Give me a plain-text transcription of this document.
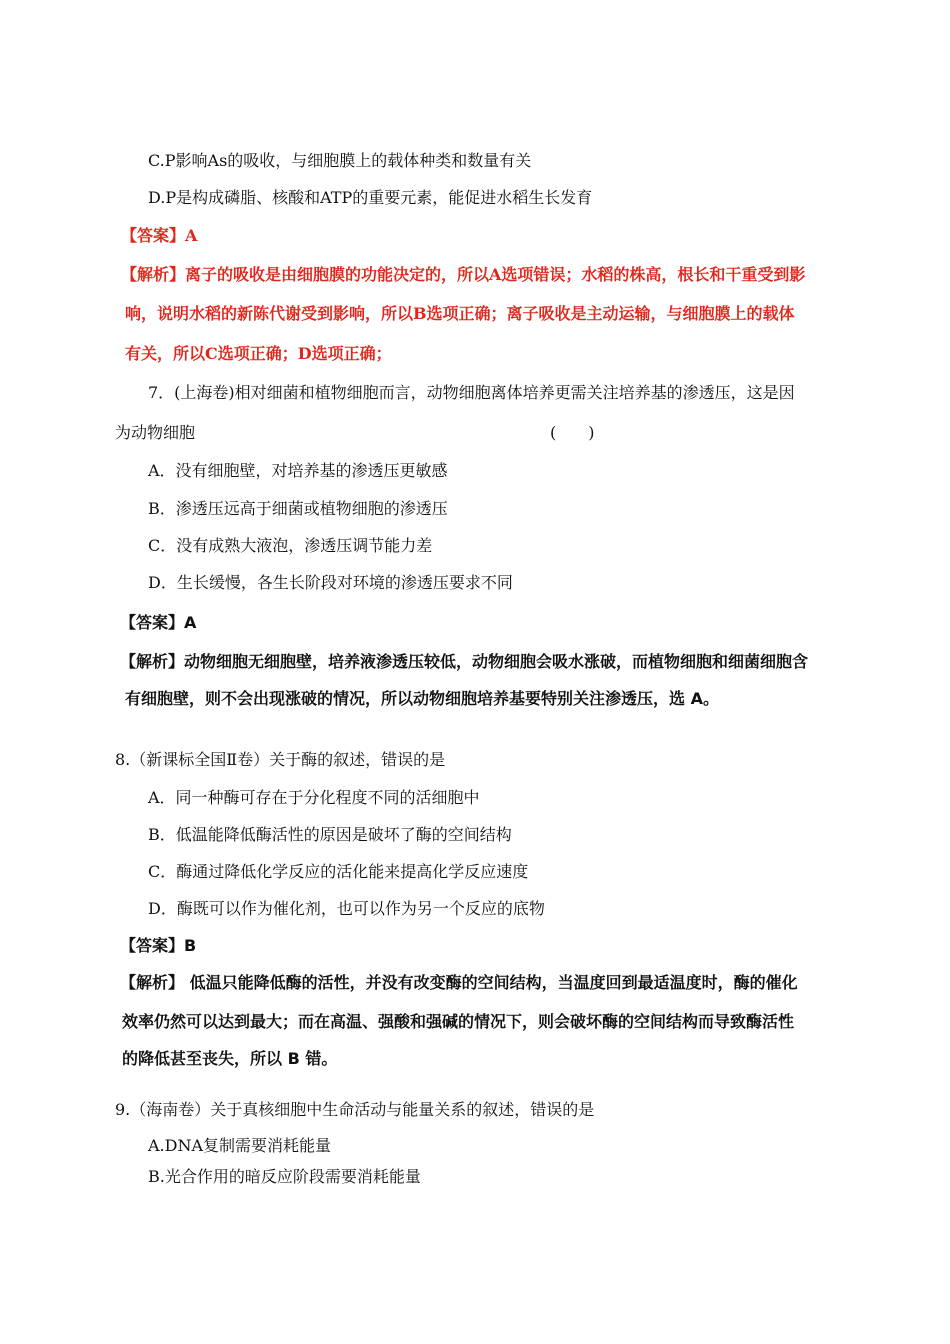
C.P影响As的吸收，与细胞膜上的载体种类和数量有关
D.P是构成磷脂、核酸和ATP的重要元素，能促进水稻生长发育
【答案】A
【解析】离子的吸收是由细胞膜的功能决定的，所以A选项错误；水稻的株高，根长和干重受到影
响，说明水稻的新陈代谢受到影响，所以B选项正确；离子吸收是主动运输，与细胞膜上的载体
有关，所以C选项正确；D选项正确；
7．(上海卷)相对细菌和植物细胞而言，动物细胞离体培养更需关注培养基的渗透压，这是因
为动物细胞	(　　)
A．没有细胞壁，对培养基的渗透压更敏感
B．渗透压远高于细菌或植物细胞的渗透压
C．没有成熟大液泡，渗透压调节能力差
D．生长缓慢，各生长阶段对环境的渗透压要求不同
【答案】A
【解析】动物细胞无细胞壁，培养液渗透压较低，动物细胞会吸水涨破，而植物细胞和细菌细胞含
有细胞壁，则不会出现涨破的情况，所以动物细胞培养基要特别关注渗透压，选 A。
8.（新课标全国Ⅱ卷）关于酶的叙述，错误的是
A．同一种酶可存在于分化程度不同的活细胞中
B．低温能降低酶活性的原因是破坏了酶的空间结构
C．酶通过降低化学反应的活化能来提高化学反应速度
D．酶既可以作为催化剂，也可以作为另一个反应的底物
【答案】B
【解析】 低温只能降低酶的活性，并没有改变酶的空间结构，当温度回到最适温度时，酶的催化
效率仍然可以达到最大；而在高温、强酸和强碱的情况下，则会破坏酶的空间结构而导致酶活性
的降低甚至丧失，所以 B 错。
9.（海南卷）关于真核细胞中生命活动与能量关系的叙述，错误的是
A.DNA复制需要消耗能量
B.光合作用的暗反应阶段需要消耗能量
